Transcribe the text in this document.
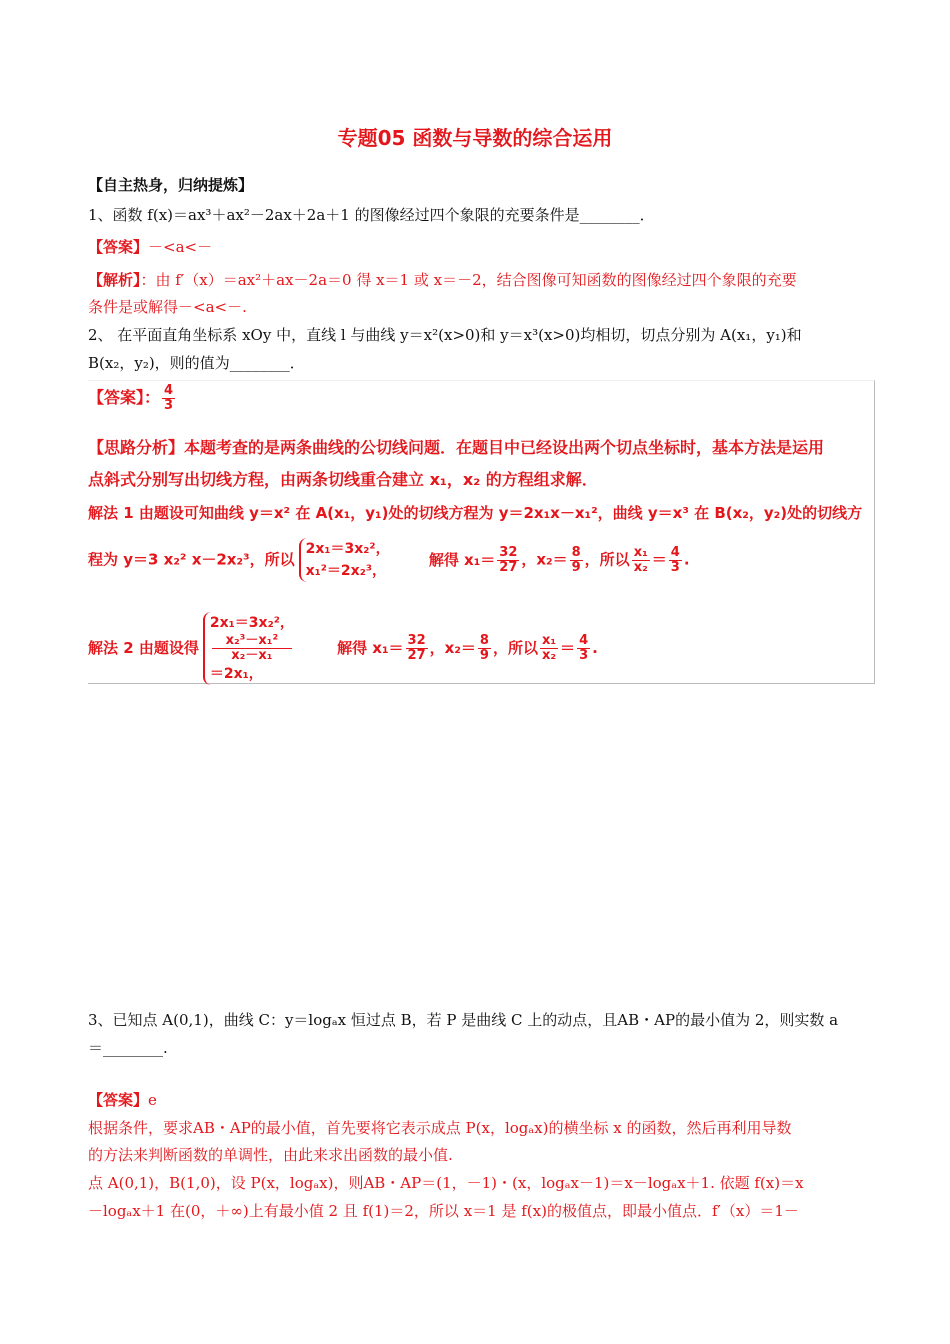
专题05 函数与导数的综合运用
【自主热身，归纳提炼】
1、函数 f(x)＝ax³＋ax²－2ax＋2a＋1 的图像经过四个象限的充要条件是________．
【答案】－<a<－
【解析】：由 f′（x）＝ax²＋ax－2a＝0 得 x＝1 或 x＝－2，结合图像可知函数的图像经过四个象限的充要
条件是或解得－<a<－.
2、 在平面直角坐标系 xOy 中，直线 l 与曲线 y＝x²(x>0)和 y＝x³(x>0)均相切，切点分别为 A(x₁，y₁)和
B(x₂，y₂)，则的值为________．
【答案】： $\frac{4}{3}$
【思路分析】本题考查的是两条曲线的公切线问题．在题目中已经设出两个切点坐标时，基本方法是运用
点斜式分别写出切线方程，由两条切线重合建立 x₁，x₂ 的方程组求解．
解法 1 由题设可知曲线 y＝x² 在 A(x₁，y₁)处的切线方程为 y＝2x₁x－x₁²，曲线 y＝x³ 在 B(x₂，y₂)处的切线方
程为 y＝3 x₂² x－2x₂³，所以
2x₁＝3x₂²，
x₁²＝2x₂³，
解得 $x_1= \frac{32}{27}$ ，$x_2= \frac{8}{9}$ ，所以 $\frac{\text{x₁}}{\text{x₂}} = \frac{4}{3}$ .
解法 2 由题设得
2x₁＝3x₂²，
x₂³－x₁²
x₂－x₁
＝2x₁，
解得 $x_1= \frac{32}{27}$ ，$x_2= \frac{8}{9}$ ，所以 $\frac{\text{x₁}}{\text{x₂}} = \frac{4}{3}$ .
3、已知点 A(0,1)，曲线 C：y＝logₐx 恒过点 B，若 P 是曲线 C 上的动点，且AB・AP的最小值为 2，则实数 a
＝________.
【答案】e
根据条件，要求AB・AP的最小值，首先要将它表示成点 P(x，logₐx)的横坐标 x 的函数，然后再利用导数
的方法来判断函数的单调性，由此来求出函数的最小值.
点 A(0,1)，B(1,0)，设 P(x，logₐx)，则AB・AP＝(1，－1)・(x，logₐx－1)＝x－logₐx＋1. 依题 f(x)＝x
－logₐx＋1 在(0，＋∞)上有最小值 2 且 f(1)＝2，所以 x＝1 是 f(x)的极值点，即最小值点．f′（x）＝1－
